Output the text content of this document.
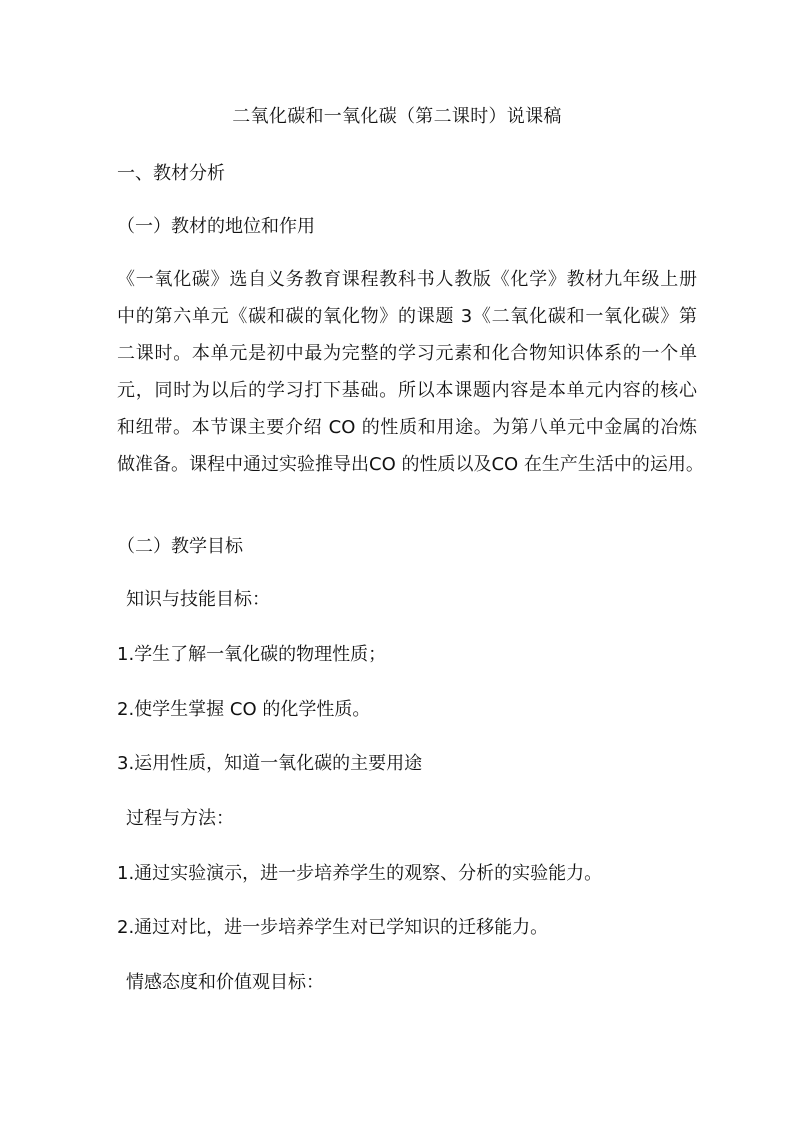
二氧化碳和一氧化碳（第二课时）说课稿
一、教材分析
（一）教材的地位和作用
《一氧化碳》选自义务教育课程教科书人教版《化学》教材九年级上册
中的第六单元《碳和碳的氧化物》的课题 3《二氧化碳和一氧化碳》第
二课时。本单元是初中最为完整的学习元素和化合物知识体系的一个单
元，同时为以后的学习打下基础。所以本课题内容是本单元内容的核心
和纽带。本节课主要介绍 CO 的性质和用途。为第八单元中金属的冶炼
做准备。课程中通过实验推导出CO 的性质以及CO 在生产生活中的运用。
（二）教学目标
知识与技能目标：
1.学生了解一氧化碳的物理性质；
2.使学生掌握 CO 的化学性质。
3.运用性质，知道一氧化碳的主要用途
过程与方法：
1.通过实验演示，进一步培养学生的观察、分析的实验能力。
2.通过对比，进一步培养学生对已学知识的迁移能力。
情感态度和价值观目标：
